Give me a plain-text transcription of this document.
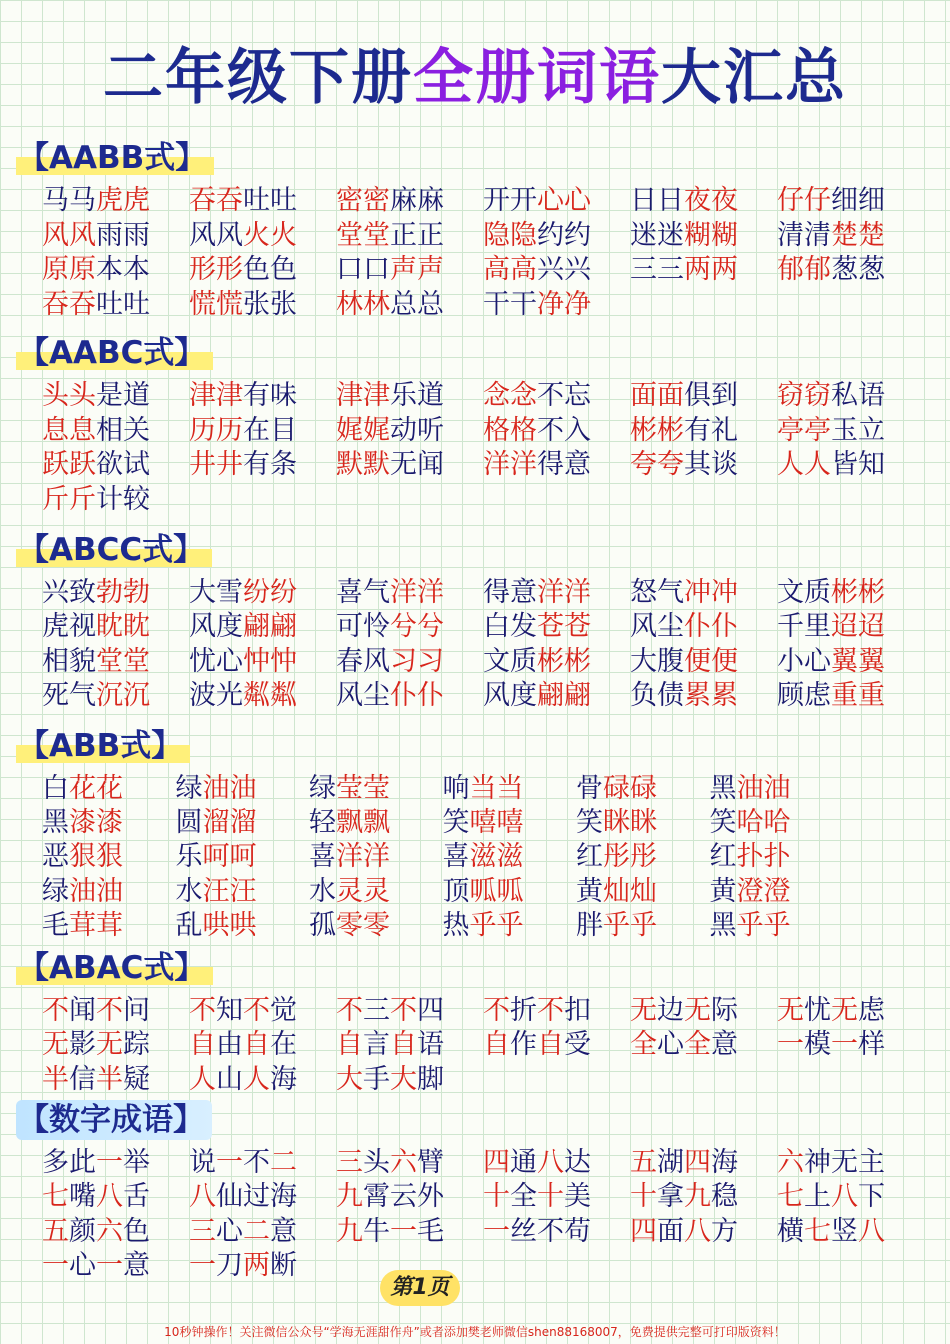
二年级下册全册词语大汇总
【AABB式】
马马虎虎 吞吞吐吐 密密麻麻 开开心心 日日夜夜 仔仔细细
风风雨雨 风风火火 堂堂正正 隐隐约约 迷迷糊糊 清清楚楚
原原本本 形形色色 口口声声 高高兴兴 三三两两 郁郁葱葱
吞吞吐吐 慌慌张张 林林总总 干干净净
【AABC式】
头头是道 津津有味 津津乐道 念念不忘 面面俱到 窃窃私语
息息相关 历历在目 娓娓动听 格格不入 彬彬有礼 亭亭玉立
跃跃欲试 井井有条 默默无闻 洋洋得意 夸夸其谈 人人皆知
斤斤计较
【ABCC式】
兴致勃勃 大雪纷纷 喜气洋洋 得意洋洋 怒气冲冲 文质彬彬
虎视眈眈 风度翩翩 可怜兮兮 白发苍苍 风尘仆仆 千里迢迢
相貌堂堂 忧心忡忡 春风习习 文质彬彬 大腹便便 小心翼翼
死气沉沉 波光粼粼 风尘仆仆 风度翩翩 负债累累 顾虑重重
【ABB式】
白花花 绿油油 绿莹莹 响当当 骨碌碌 黑油油
黑漆漆 圆溜溜 轻飘飘 笑嘻嘻 笑眯眯 笑哈哈
恶狠狠 乐呵呵 喜洋洋 喜滋滋 红彤彤 红扑扑
绿油油 水汪汪 水灵灵 顶呱呱 黄灿灿 黄澄澄
毛茸茸 乱哄哄 孤零零 热乎乎 胖乎乎 黑乎乎
【ABAC式】
不闻不问 不知不觉 不三不四 不折不扣 无边无际 无忧无虑
无影无踪 自由自在 自言自语 自作自受 全心全意 一模一样
半信半疑 人山人海 大手大脚
【数字成语】
多此一举 说一不二 三头六臂 四通八达 五湖四海 六神无主
七嘴八舌 八仙过海 九霄云外 十全十美 十拿九稳 七上八下
五颜六色 三心二意 九牛一毛 一丝不苟 四面八方 横七竖八
一心一意 一刀两断
第1页
10秒钟操作！关注微信公众号“学海无涯甜作舟”或者添加樊老师微信shen88168007，免费提供完整可打印版资料！
